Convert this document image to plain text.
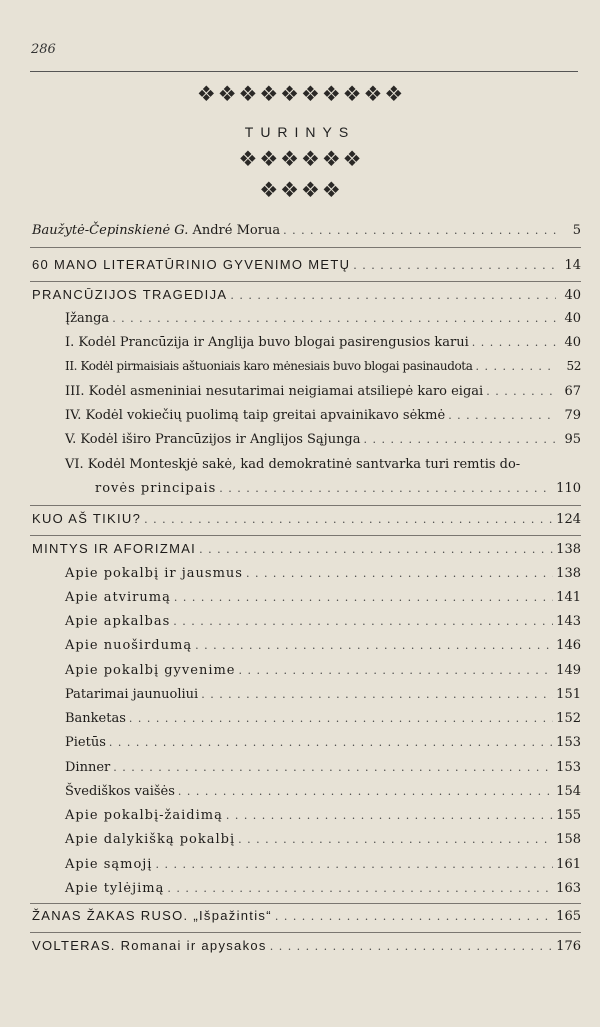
286
❖❖❖❖❖❖❖❖❖❖
TURINYS
❖❖❖❖❖❖
❖❖❖❖
Baužytė-Čepinskienė G. André Morua . . .	5
60 MANO LITERATŪRINIO GYVENIMO METŲ . . .	14
PRANCŪZIJOS TRAGEDIJA . . .	40
Įžanga . . .	40
I. Kodėl Prancūzija ir Anglija buvo blogai pasirengusios karui . . .	40
II. Kodėl pirmaisiais aštuoniais karo mėnesiais buvo blogai pasinaudota . . .	52
III. Kodėl asmeniniai nesutarimai neigiamai atsiliepė karo eigai . . .	67
IV. Kodėl vokiečių puolimą taip greitai apvainikavo sėkmė . . .	79
V. Kodėl iširo Prancūzijos ir Anglijos Sąjunga . . .	95
VI. Kodėl Monteskjė sakė, kad demokratinė santvarka turi remtis do-
rovės principais . . .	110
KUO AŠ TIKIU? . . .	124
MINTYS IR AFORIZMAI . . .	138
Apie pokalbį ir jausmus . . .	138
Apie atvirumą . . .	141
Apie apkalbas . . .	143
Apie nuoširdumą . . .	146
Apie pokalbį gyvenime . . .	149
Patarimai jaunuoliui . . .	151
Banketas . . .	152
Pietūs . . .	153
Dinner . . .	153
Švediškos vaišės . . .	154
Apie pokalbį-žaidimą . . .	155
Apie dalykišką pokalbį . . .	158
Apie sąmojį . . .	161
Apie tylėjimą . . .	163
ŽANAS ŽAKAS RUSO. „Išpažintis“ . . .	165
VOLTERAS. Romanai ir apysakos . . .	176
